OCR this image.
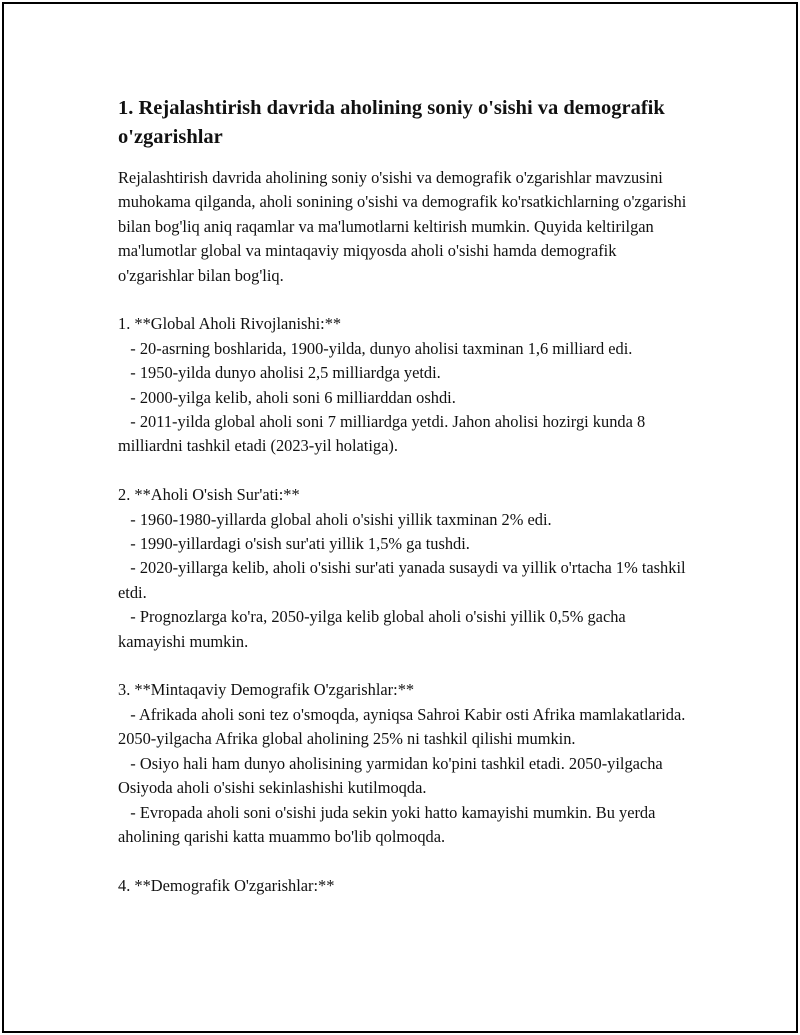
1. Rejalashtirish davrida aholining soniy o'sishi va demografik o'zgarishlar

Rejalashtirish davrida aholining soniy o'sishi va demografik o'zgarishlar mavzusini muhokama qilganda, aholi sonining o'sishi va demografik ko'rsatkichlarning o'zgarishi bilan bog'liq aniq raqamlar va ma'lumotlarni keltirish mumkin. Quyida keltirilgan ma'lumotlar global va mintaqaviy miqyosda aholi o'sishi hamda demografik o'zgarishlar bilan bog'liq.

1. **Global Aholi Rivojlanishi:**

- 20-asrning boshlarida, 1900-yilda, dunyo aholisi taxminan 1,6 milliard edi.

- 1950-yilda dunyo aholisi 2,5 milliardga yetdi.

- 2000-yilga kelib, aholi soni 6 milliarddan oshdi.

- 2011-yilda global aholi soni 7 milliardga yetdi. Jahon aholisi hozirgi kunda 8 milliardni tashkil etadi (2023-yil holatiga).

2. **Aholi O'sish Sur'ati:**

- 1960-1980-yillarda global aholi o'sishi yillik taxminan 2% edi.

- 1990-yillardagi o'sish sur'ati yillik 1,5% ga tushdi.

- 2020-yillarga kelib, aholi o'sishi sur'ati yanada susaydi va yillik o'rtacha 1% tashkil etdi.

- Prognozlarga ko'ra, 2050-yilga kelib global aholi o'sishi yillik 0,5% gacha kamayishi mumkin.

3. **Mintaqaviy Demografik O'zgarishlar:**

- Afrikada aholi soni tez o'smoqda, ayniqsa Sahroi Kabir osti Afrika mamlakatlarida. 2050-yilgacha Afrika global aholining 25% ni tashkil qilishi mumkin.

- Osiyo hali ham dunyo aholisining yarmidan ko'pini tashkil etadi. 2050-yilgacha Osiyoda aholi o'sishi sekinlashishi kutilmoqda.

- Evropada aholi soni o'sishi juda sekin yoki hatto kamayishi mumkin. Bu yerda aholining qarishi katta muammo bo'lib qolmoqda.

4. **Demografik O'zgarishlar:**
